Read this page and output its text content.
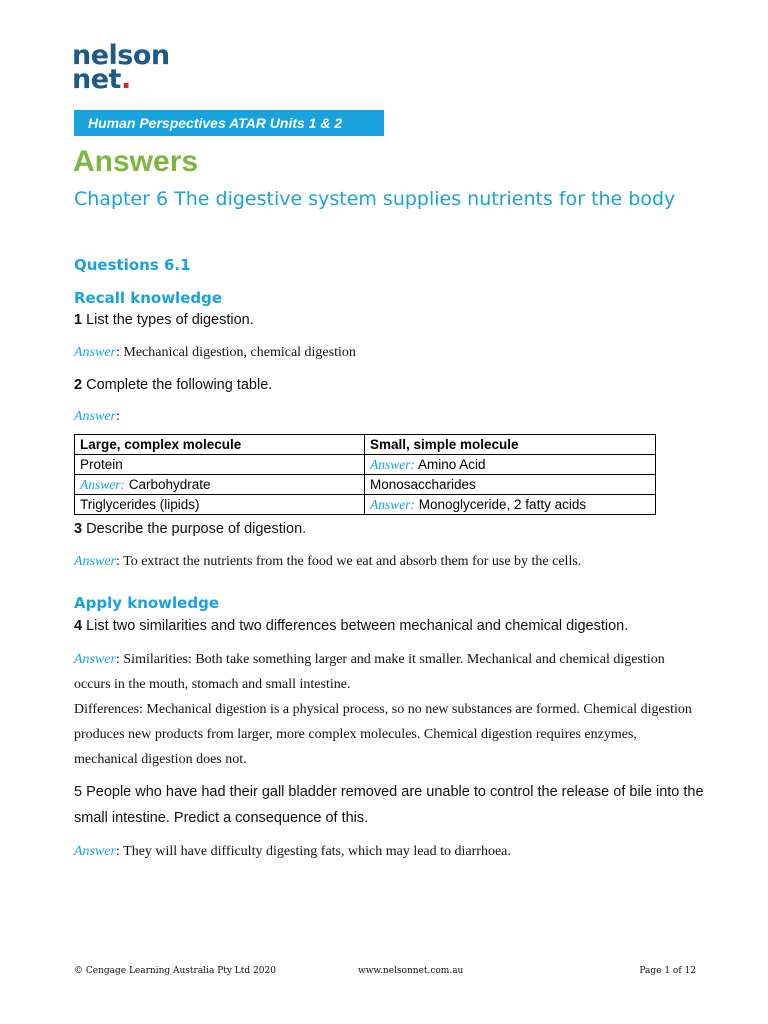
nelson
net.
Human Perspectives ATAR Units 1 & 2
Answers
Chapter 6 The digestive system supplies nutrients for the body
Questions 6.1
Recall knowledge
1 List the types of digestion.
Answer: Mechanical digestion, chemical digestion
2 Complete the following table.
Answer:
Large, complex molecule	Small, simple molecule
Protein	Answer: Amino Acid
Answer: Carbohydrate	Monosaccharides
Triglycerides (lipids)	Answer: Monoglyceride, 2 fatty acids
3 Describe the purpose of digestion.
Answer: To extract the nutrients from the food we eat and absorb them for use by the cells.
Apply knowledge
4 List two similarities and two differences between mechanical and chemical digestion.
Answer: Similarities: Both take something larger and make it smaller. Mechanical and chemical digestion occurs in the mouth, stomach and small intestine.
Differences: Mechanical digestion is a physical process, so no new substances are formed. Chemical digestion produces new products from larger, more complex molecules. Chemical digestion requires enzymes, mechanical digestion does not.
5 People who have had their gall bladder removed are unable to control the release of bile into the small intestine. Predict a consequence of this.
Answer: They will have difficulty digesting fats, which may lead to diarrhoea.
© Cengage Learning Australia Pty Ltd 2020	www.nelsonnet.com.au	Page 1 of 12
